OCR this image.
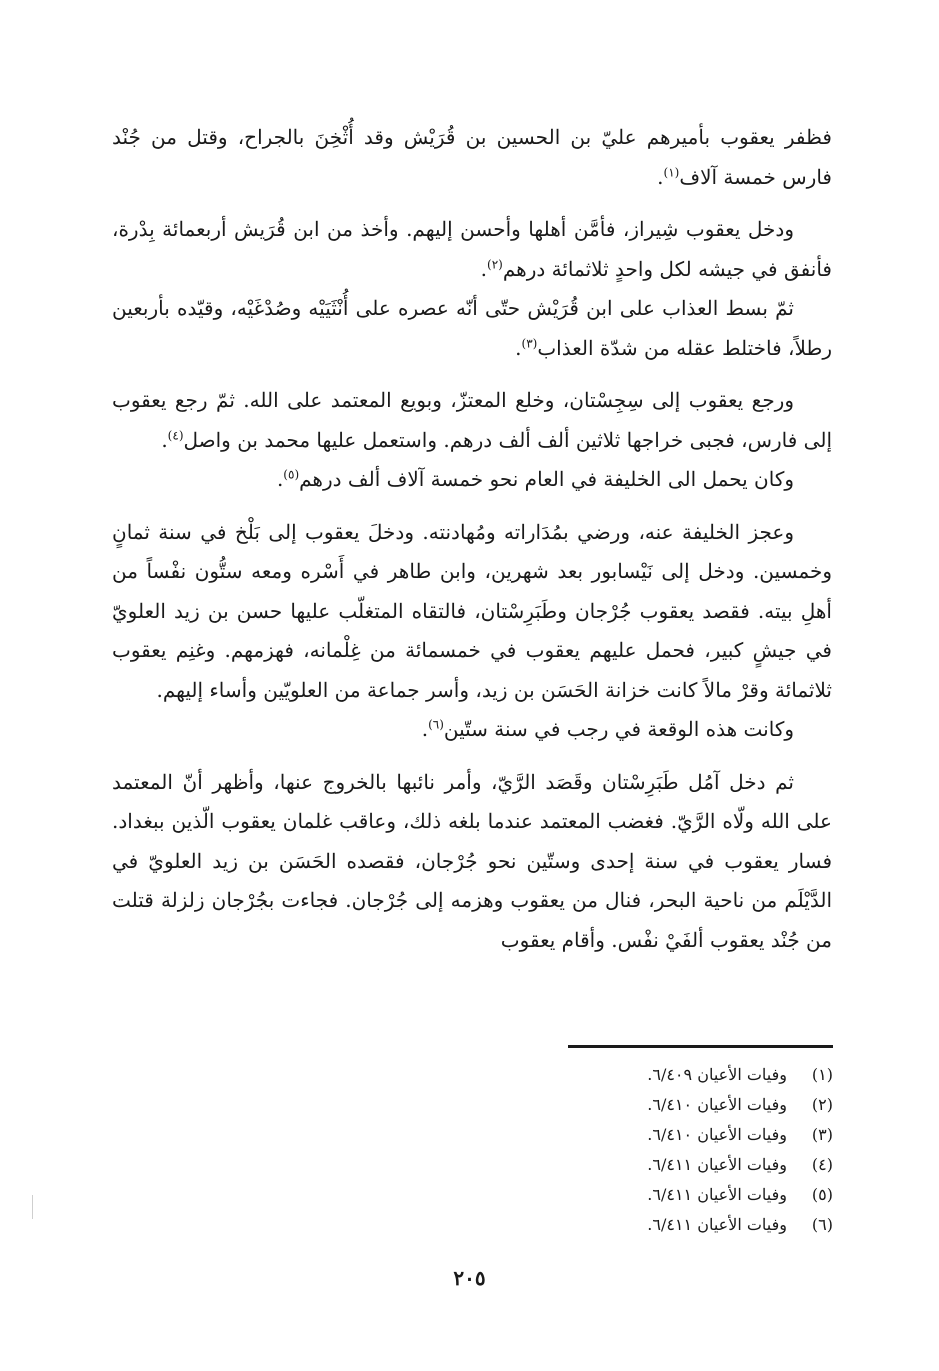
فظفر يعقوب بأميرهم عليّ بن الحسين بن قُرَيْش وقد أُثْخِنَ بالجراح، وقتل من جُنْد فارس خمسة آلاف$^{(١)}$.

ودخل يعقوب شِيراز، فأمَّن أهلها وأحسن إليهم. وأخذ من ابن قُرَيش أربعمائة بِدْرة، فأنفق في جيشه لكل واحدٍ ثلاثمائة درهم$^{(٢)}$.

ثمّ بسط العذاب على ابن قُرَيْش حتّى أنّه عصره على أُنْثَيَيْه وصُدْغَيْه، وقيّده بأربعين رطلاً، فاختلط عقله من شدّة العذاب$^{(٣)}$.

ورجع يعقوب إلى سِجِسْتان، وخلع المعتزّ، وبويع المعتمد على الله. ثمّ رجع يعقوب إلى فارس، فجبى خراجها ثلاثين ألف ألف درهم. واستعمل عليها محمد بن واصل$^{(٤)}$.

وكان يحمل الى الخليفة في العام نحو خمسة آلاف ألف درهم$^{(٥)}$.

وعجز الخليفة عنه، ورضي بمُدَاراته ومُهادنته. ودخلَ يعقوب إلى بَلْخ في سنة ثمانٍ وخمسين. ودخل إلى نَيْسابور بعد شهرين، وابن طاهر في أَسْره ومعه ستُّون نفْساً من أهلِ بيته. فقصد يعقوب جُرْجان وطَبَرِسْتان، فالتقاه المتغلّب عليها حسن بن زيد العلويّ في جيشٍ كبير، فحمل عليهم يعقوب في خمسمائة من غِلْمانه، فهزمهم. وغنِم يعقوب ثلاثمائة وقرْ مالاً كانت خزانة الحَسَن بن زيد، وأسر جماعة من العلويّين وأساء إليهم.

وكانت هذه الوقعة في رجب في سنة ستّين$^{(٦)}$.

ثم دخل آمُل طَبَرِسْتان وقَصَد الرَّيّ، وأمر نائبها بالخروج عنها، وأظهر أنّ المعتمد على الله ولّاه الرَّيّ. فغضب المعتمد عندما بلغه ذلك، وعاقب غلمان يعقوب الّذين ببغداد. فسار يعقوب في سنة إحدى وستّين نحو جُرْجان، فقصده الحَسَن بن زيد العلويّ في الدَّيْلَم من ناحية البحر، فنال من يعقوب وهزمه إلى جُرْجان. فجاءت بجُرْجان زلزلة قتلت من جُنْد يعقوب ألفَيْ نفْس. وأقام يعقوب

(١)
وفيات الأعيان ٦/٤٠٩.
(٢)
وفيات الأعيان ٦/٤١٠.
(٣)
وفيات الأعيان ٦/٤١٠.
(٤)
وفيات الأعيان ٦/٤١١.
(٥)
وفيات الأعيان ٦/٤١١.
(٦)
وفيات الأعيان ٦/٤١١.
٢٠٥
